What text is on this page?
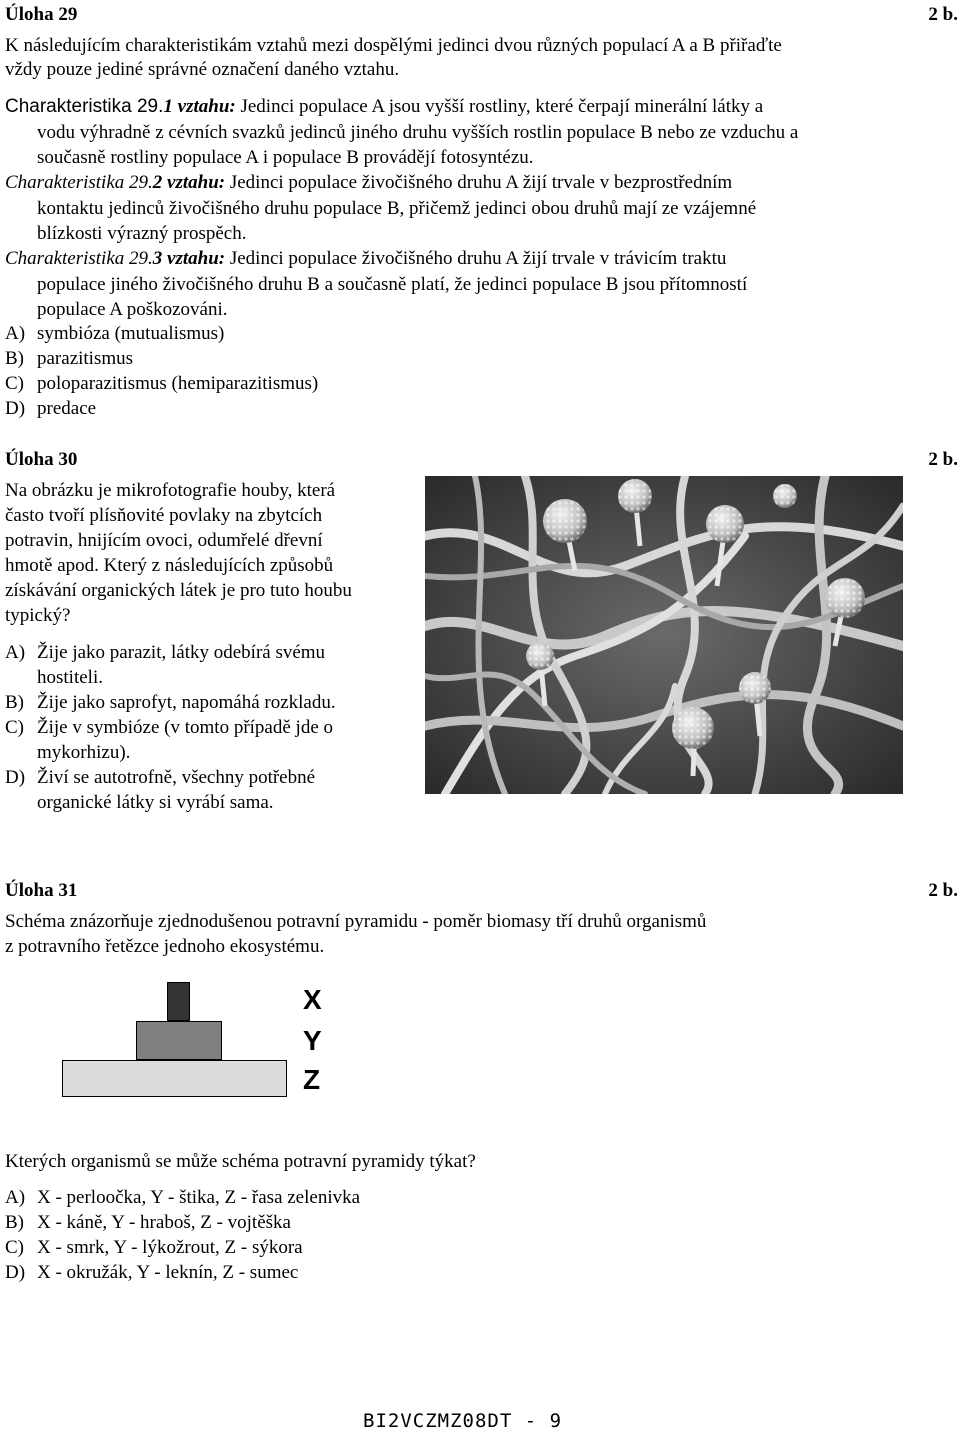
Úloha 29	2 b.
K následujícím charakteristikám vztahů mezi dospělými jedinci dvou různých populací A a B přiřaďte
vždy pouze jediné správné označení daného vztahu.
Charakteristika 29.1 vztahu: Jedinci populace A jsou vyšší rostliny, které čerpají minerální látky a
vodu výhradně z cévních svazků jedinců jiného druhu vyšších rostlin populace B nebo ze vzduchu a
současně rostliny populace A i populace B provádějí fotosyntézu.
Charakteristika 29.2 vztahu: Jedinci populace živočišného druhu A žijí trvale v bezprostředním
kontaktu jedinců živočišného druhu populace B, přičemž jedinci obou druhů mají ze vzájemné
blízkosti výrazný prospěch.
Charakteristika 29.3 vztahu: Jedinci populace živočišného druhu A žijí trvale v trávicím traktu
populace jiného živočišného druhu B a současně platí, že jedinci populace B jsou přítomností
populace A poškozováni.
A) symbióza (mutualismus)
B) parazitismus
C) poloparazitismus (hemiparazitismus)
D) predace
Úloha 30	2 b.
Na obrázku je mikrofotografie houby, která
často tvoří plísňovité povlaky na zbytcích
potravin, hnijícím ovoci, odumřelé dřevní
hmotě apod. Který z následujících způsobů
získávání organických látek je pro tuto houbu
typický?
A) Žije jako parazit, látky odebírá svému
hostiteli.
B) Žije jako saprofyt, napomáhá rozkladu.
C) Žije v symbióze (v tomto případě jde o
mykorhizu).
D) Živí se autotrofně, všechny potřebné
organické látky si vyrábí sama.
Úloha 31	2 b.
Schéma znázorňuje zjednodušenou potravní pyramidu - poměr biomasy tří druhů organismů
z potravního řetězce jednoho ekosystému.
X
Y
Z
Kterých organismů se může schéma potravní pyramidy týkat?
A) X - perloočka, Y - štika, Z - řasa zelenivka
B) X - káně, Y - hraboš, Z - vojtěška
C) X - smrk, Y - lýkožrout, Z - sýkora
D) X - okružák, Y - leknín, Z - sumec
BI2VCZMZ08DT - 9
